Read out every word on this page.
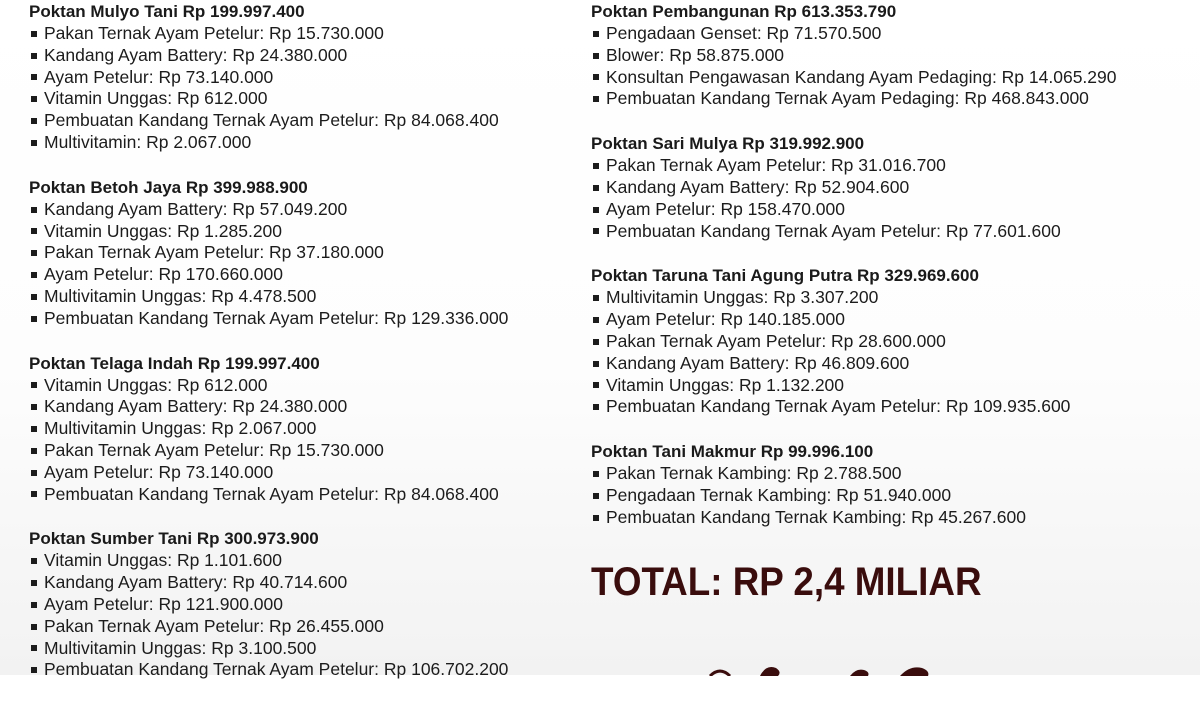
Poktan Mulyo Tani Rp 199.997.400
Pakan Ternak Ayam Petelur: Rp 15.730.000
Kandang Ayam Battery: Rp 24.380.000
Ayam Petelur: Rp 73.140.000
Vitamin Unggas: Rp 612.000
Pembuatan Kandang Ternak Ayam Petelur: Rp 84.068.400
Multivitamin: Rp 2.067.000
Poktan Betoh Jaya Rp 399.988.900
Kandang Ayam Battery: Rp 57.049.200
Vitamin Unggas: Rp 1.285.200
Pakan Ternak Ayam Petelur: Rp 37.180.000
Ayam Petelur: Rp 170.660.000
Multivitamin Unggas: Rp 4.478.500
Pembuatan Kandang Ternak Ayam Petelur: Rp 129.336.000
Poktan Telaga Indah Rp 199.997.400
Vitamin Unggas: Rp 612.000
Kandang Ayam Battery: Rp 24.380.000
Multivitamin Unggas: Rp 2.067.000
Pakan Ternak Ayam Petelur: Rp 15.730.000
Ayam Petelur: Rp 73.140.000
Pembuatan Kandang Ternak Ayam Petelur: Rp 84.068.400
Poktan Sumber Tani Rp 300.973.900
Vitamin Unggas: Rp 1.101.600
Kandang Ayam Battery: Rp 40.714.600
Ayam Petelur: Rp 121.900.000
Pakan Ternak Ayam Petelur: Rp 26.455.000
Multivitamin Unggas: Rp 3.100.500
Pembuatan Kandang Ternak Ayam Petelur: Rp 106.702.200
Poktan Pembangunan Rp 613.353.790
Pengadaan Genset: Rp 71.570.500
Blower: Rp 58.875.000
Konsultan Pengawasan Kandang Ayam Pedaging: Rp 14.065.290
Pembuatan Kandang Ternak Ayam Pedaging: Rp 468.843.000
Poktan Sari Mulya Rp 319.992.900
Pakan Ternak Ayam Petelur: Rp 31.016.700
Kandang Ayam Battery: Rp 52.904.600
Ayam Petelur: Rp 158.470.000
Pembuatan Kandang Ternak Ayam Petelur: Rp 77.601.600
Poktan Taruna Tani Agung Putra Rp 329.969.600
Multivitamin Unggas: Rp 3.307.200
Ayam Petelur: Rp 140.185.000
Pakan Ternak Ayam Petelur: Rp 28.600.000
Kandang Ayam Battery: Rp 46.809.600
Vitamin Unggas: Rp 1.132.200
Pembuatan Kandang Ternak Ayam Petelur: Rp 109.935.600
Poktan Tani Makmur Rp 99.996.100
Pakan Ternak Kambing: Rp 2.788.500
Pengadaan Ternak Kambing: Rp 51.940.000
Pembuatan Kandang Ternak Kambing: Rp 45.267.600
TOTAL: RP 2,4 MILIAR
